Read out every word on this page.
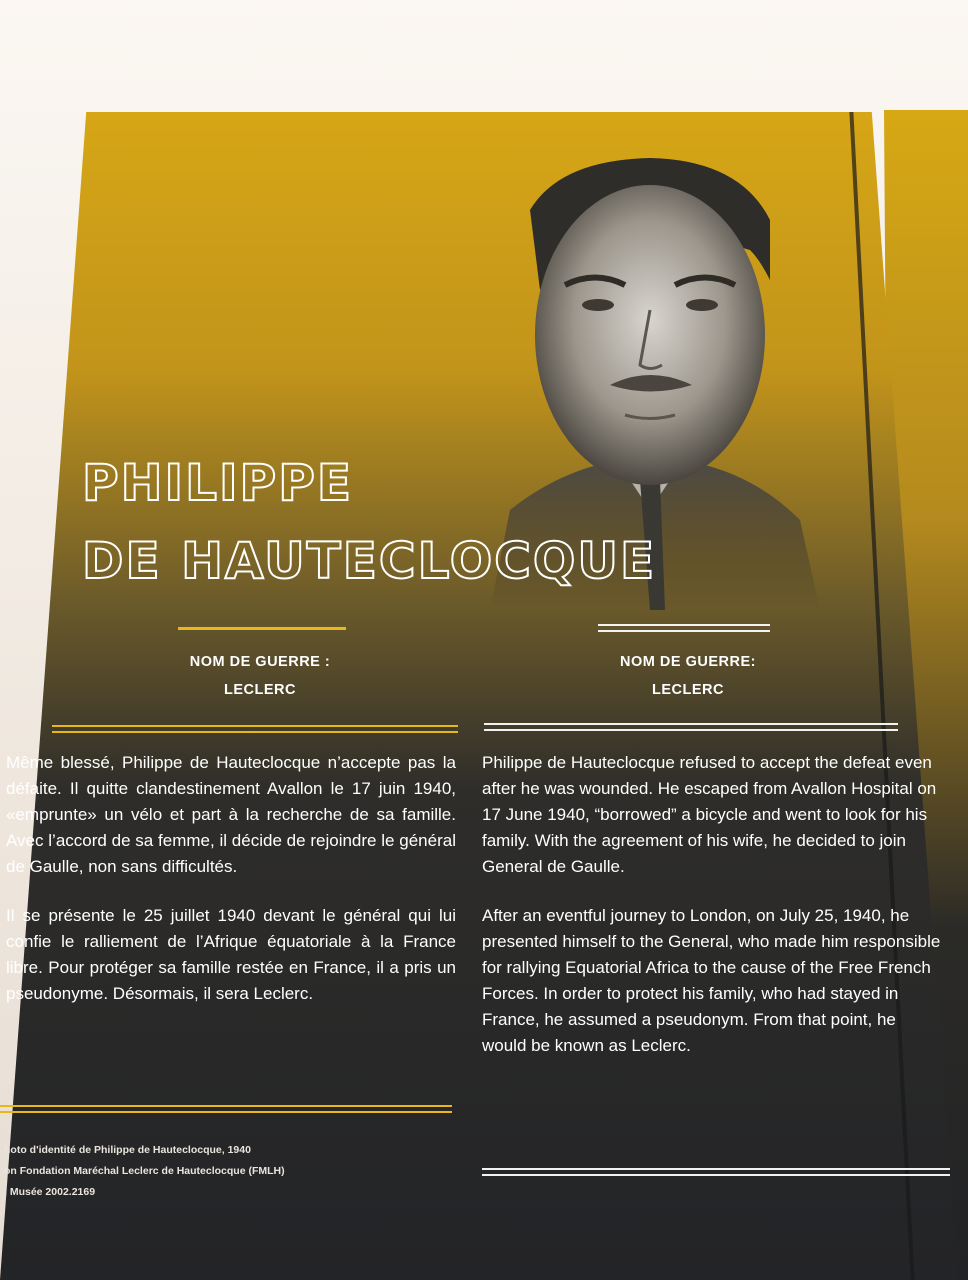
PHILIPPE
DE HAUTECLOCQUE
NOM DE GUERRE :
LECLERC
NOM DE GUERRE:
LECLERC

Même blessé, Philippe de Hauteclocque n’accepte pas la défaite. Il quitte clandestinement Avallon le 17 juin 1940, «emprunte» un vélo et part à la recherche de sa famille. Avec l’accord de sa femme, il décide de rejoindre le général de Gaulle, non sans difficultés.

Il se présente le 25 juillet 1940 devant le général qui lui confie le ralliement de l’Afrique équatoriale à la France libre. Pour protéger sa famille restée en France, il a pris un pseudonyme. Désormais, il sera Leclerc.

Philippe de Hauteclocque refused to accept the defeat even after he was wounded. He escaped from Avallon Hospital on 17 June 1940, “borrowed” a bicycle and went to look for his family. With the agreement of his wife, he decided to join General de Gaulle.

After an eventful journey to London, on July 25, 1940, he presented himself to the General, who made him responsible for rallying Equatorial Africa to the cause of the Free French Forces. In order to protect his family, who had stayed in France, he assumed a pseudonym. From that point, he would be known as Leclerc.

hoto d'identité de Philippe de Hauteclocque, 1940
on Fondation Maréchal Leclerc de Hauteclocque (FMLH)
. Musée 2002.2169
